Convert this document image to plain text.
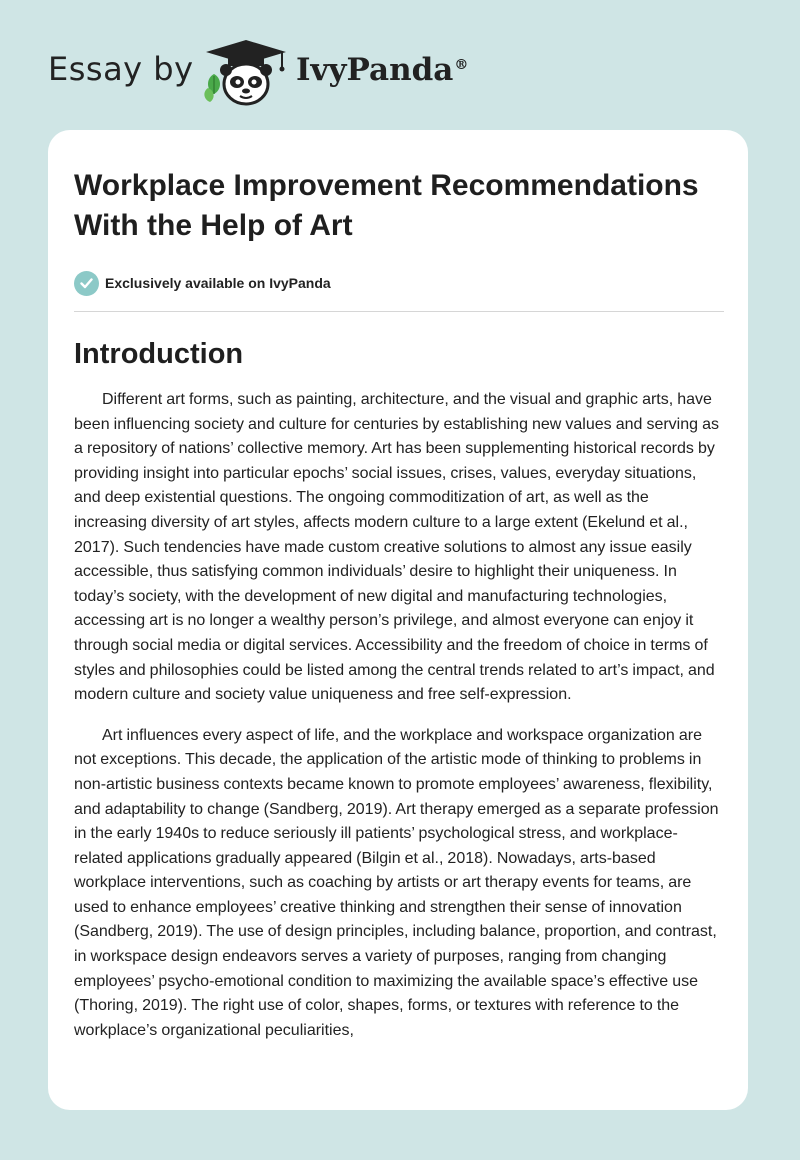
Essay by	IvyPanda®
Workplace Improvement Recommendations With the Help of Art
Exclusively available on IvyPanda
Introduction

Different art forms, such as painting, architecture, and the visual and graphic arts, have been influencing society and culture for centuries by establishing new values and serving as a repository of nations’ collective memory. Art has been supplementing historical records by providing insight into particular epochs’ social issues, crises, values, everyday situations, and deep existential questions. The ongoing commoditization of art, as well as the increasing diversity of art styles, affects modern culture to a large extent (Ekelund et al., 2017). Such tendencies have made custom creative solutions to almost any issue easily accessible, thus satisfying common individuals’ desire to highlight their uniqueness. In today’s society, with the development of new digital and manufacturing technologies, accessing art is no longer a wealthy person’s privilege, and almost everyone can enjoy it through social media or digital services. Accessibility and the freedom of choice in terms of styles and philosophies could be listed among the central trends related to art’s impact, and modern culture and society value uniqueness and free self-expression.

Art influences every aspect of life, and the workplace and workspace organization are not exceptions. This decade, the application of the artistic mode of thinking to problems in non-artistic business contexts became known to promote employees’ awareness, flexibility, and adaptability to change (Sandberg, 2019). Art therapy emerged as a separate profession in the early 1940s to reduce seriously ill patients’ psychological stress, and workplace-related applications gradually appeared (Bilgin et al., 2018). Nowadays, arts-based workplace interventions, such as coaching by artists or art therapy events for teams, are used to enhance employees’ creative thinking and strengthen their sense of innovation (Sandberg, 2019). The use of design principles, including balance, proportion, and contrast, in workspace design endeavors serves a variety of purposes, ranging from changing employees’ psycho-emotional condition to maximizing the available space’s effective use (Thoring, 2019). The right use of color, shapes, forms, or textures with reference to the workplace’s organizational peculiarities,
